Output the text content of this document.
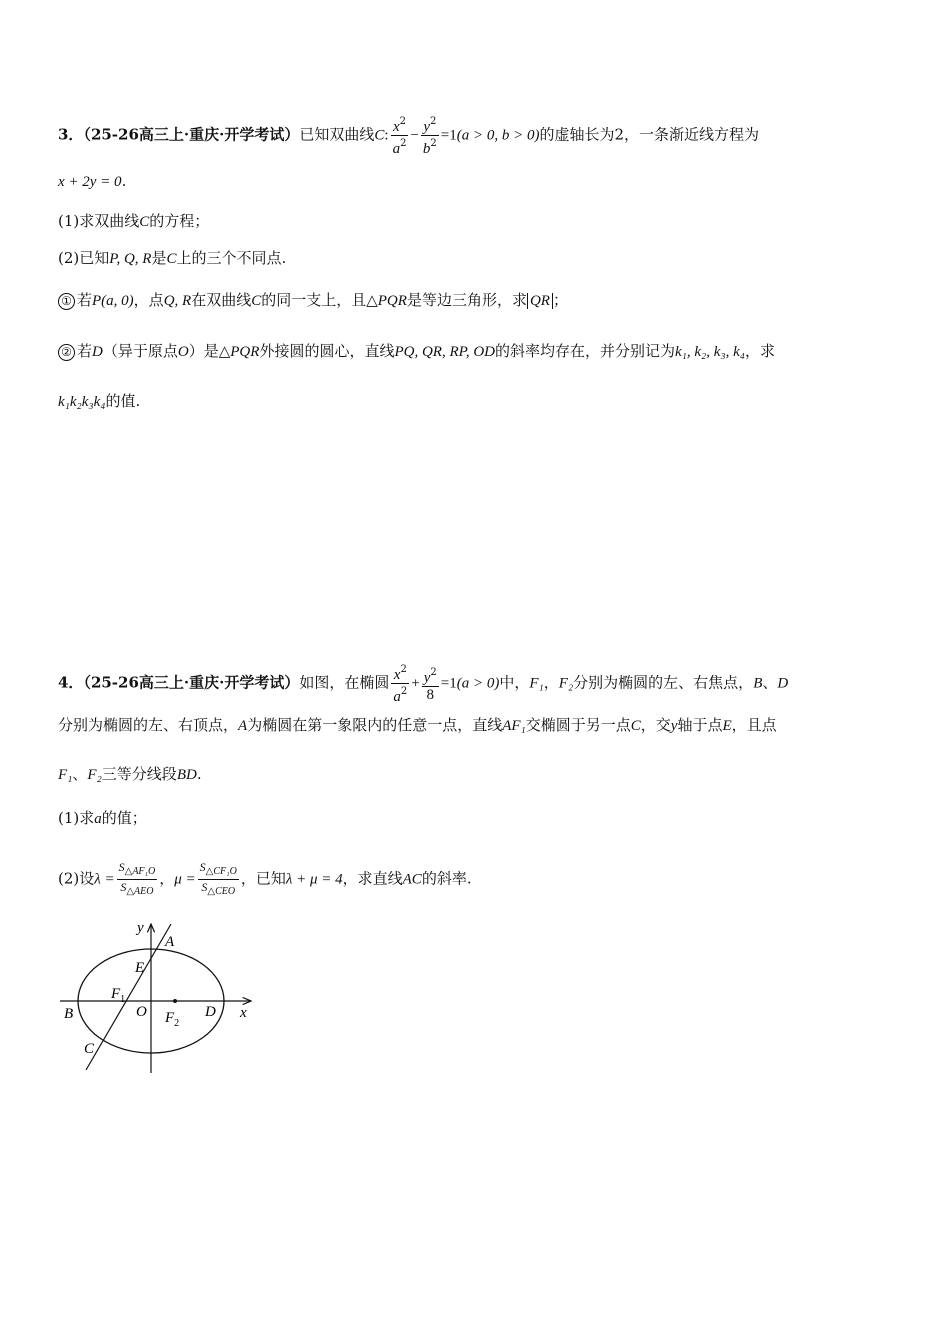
3．（25-26高三上·重庆·开学考试）已知双曲线C: $\frac{x^2}{a^2} - \frac{y^2}{b^2} =1(a > 0$, b > 0)的虚轴长为2，一条渐近线方程为
x + 2y = 0.
(1)求双曲线C的方程；
(2)已知P, Q, R是C上的三个不同点.
① 若P(a, 0)，点Q, R在双曲线C的同一支上，且△PQR是等边三角形，求 QR ；
② 若D（异于原点O）是△PQR外接圆的圆心，直线PQ, QR, RP, OD的斜率均存在，并分别记为k₁, k₂, k₃, k₄，求
k₁k₂k₃k₄的值.
4．（25-26高三上·重庆·开学考试）如图，在椭圆 $\frac{x^2}{a^2} + \frac{y^2}{8} =1(a > 0)$中，F₁，F₂分别为椭圆的左、右焦点，B、D
分别为椭圆的左、右顶点，A为椭圆在第一象限内的任意一点，直线AF₁交椭圆于另一点C，交y轴于点E，且点
F₁、F₂三等分线段BD.
(1)求a的值；
(2)设$\lambda = \frac{S_{\triangle AF_1O}}{S_{\triangle AEO}}$ ，$\mu = \frac{S_{\triangle CF_1O}}{S_{\triangle CEO}}$ ，已知λ + μ = 4，求直线AC的斜率.
y
A
E
$F_1$
B	O $F_2$
D x
C
